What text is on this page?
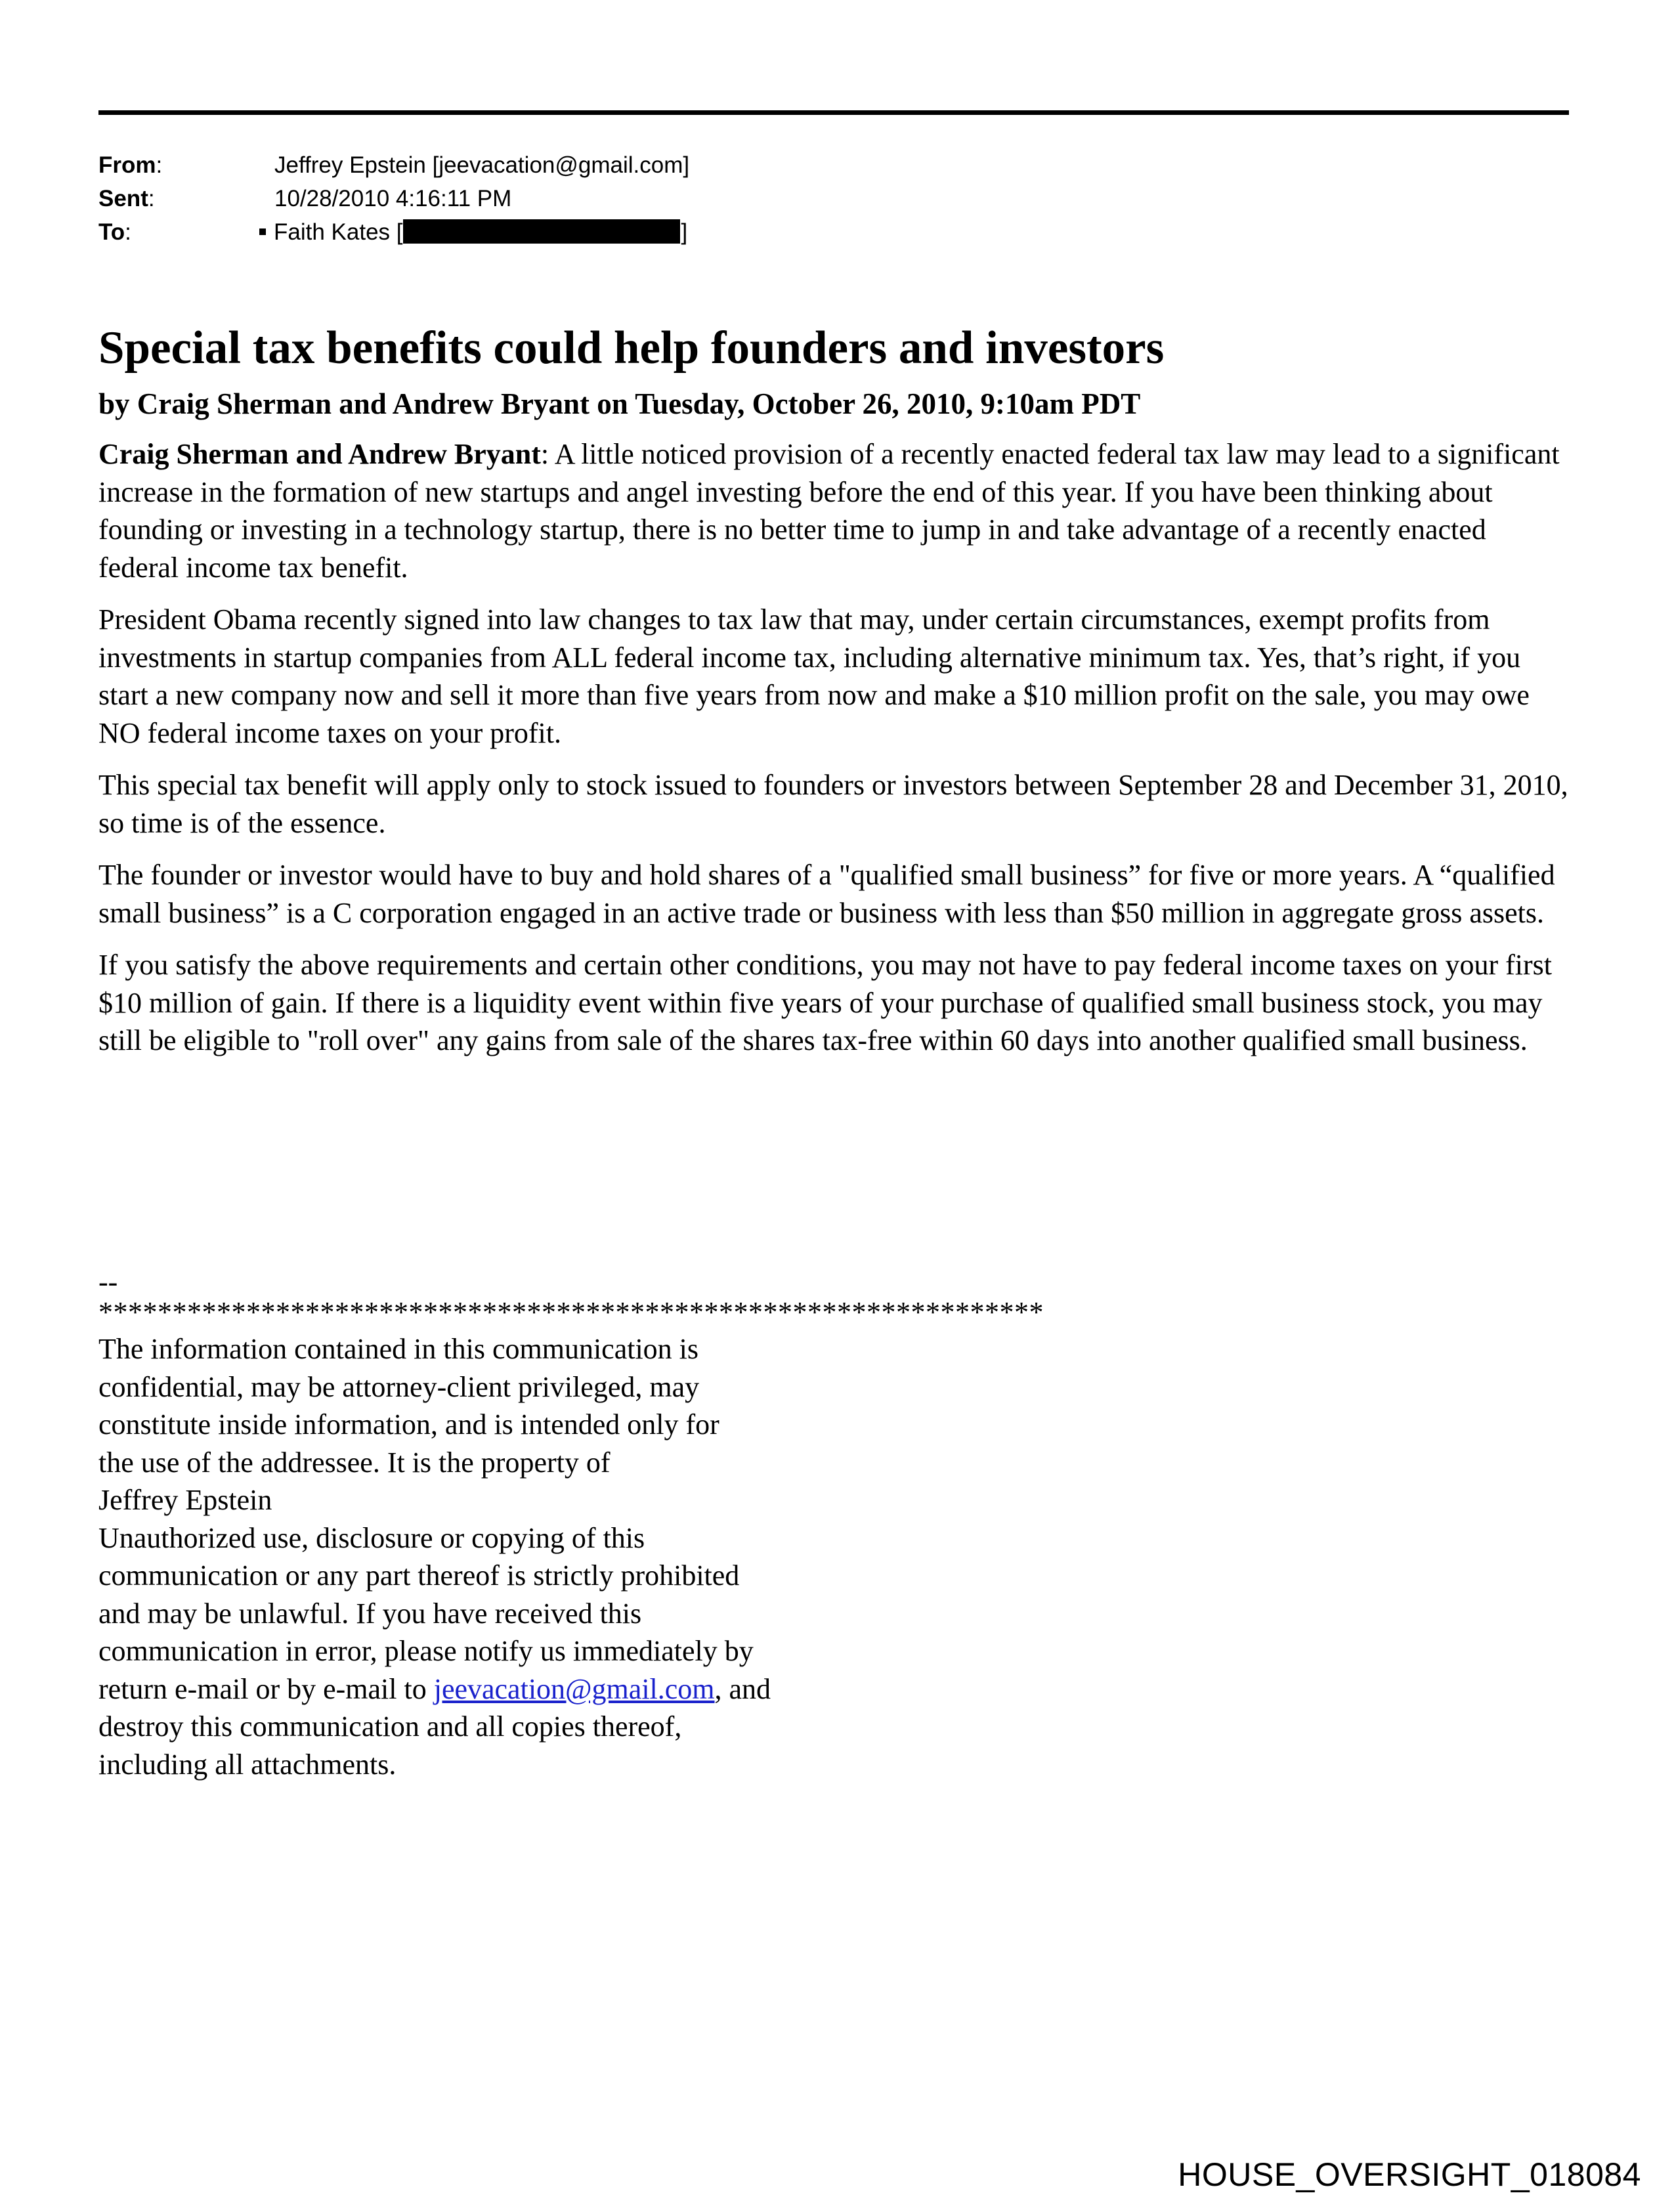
From:	Jeffrey Epstein [jeevacation@gmail.com]
Sent:	10/28/2010 4:16:11 PM
To:	Faith Kates [	]
Special tax benefits could help founders and investors
by Craig Sherman and Andrew Bryant on Tuesday, October 26, 2010, 9:10am PDT

Craig Sherman and Andrew Bryant: A little noticed provision of a recently enacted federal tax law may lead to a significant increase in the formation of new startups and angel investing before the end of this year. If you have been thinking about founding or investing in a technology startup, there is no better time to jump in and take advantage of a recently enacted federal income tax benefit.

President Obama recently signed into law changes to tax law that may, under certain circumstances, exempt profits from investments in startup companies from ALL federal income tax, including alternative minimum tax. Yes, that’s right, if you start a new company now and sell it more than five years from now and make a $10 million profit on the sale, you may owe NO federal income taxes on your profit.

This special tax benefit will apply only to stock issued to founders or investors between September 28 and December 31, 2010, so time is of the essence.

The founder or investor would have to buy and hold shares of a "qualified small business” for five or more years. A “qualified small business” is a C corporation engaged in an active trade or business with less than $50 million in aggregate gross assets.

If you satisfy the above requirements and certain other conditions, you may not have to pay federal income taxes on your first $10 million of gain. If there is a liquidity event within five years of your purchase of qualified small business stock, you may still be eligible to "roll over" any gains from sale of the shares tax-free within 60 days into another qualified small business.

--
****************************************************************
The information contained in this communication is
confidential, may be attorney-client privileged, may
constitute inside information, and is intended only for
the use of the addressee. It is the property of
Jeffrey Epstein
Unauthorized use, disclosure or copying of this
communication or any part thereof is strictly prohibited
and may be unlawful. If you have received this
communication in error, please notify us immediately by
return e-mail or by e-mail to jeevacation@gmail.com, and
destroy this communication and all copies thereof,
including all attachments.
HOUSE_OVERSIGHT_018084
